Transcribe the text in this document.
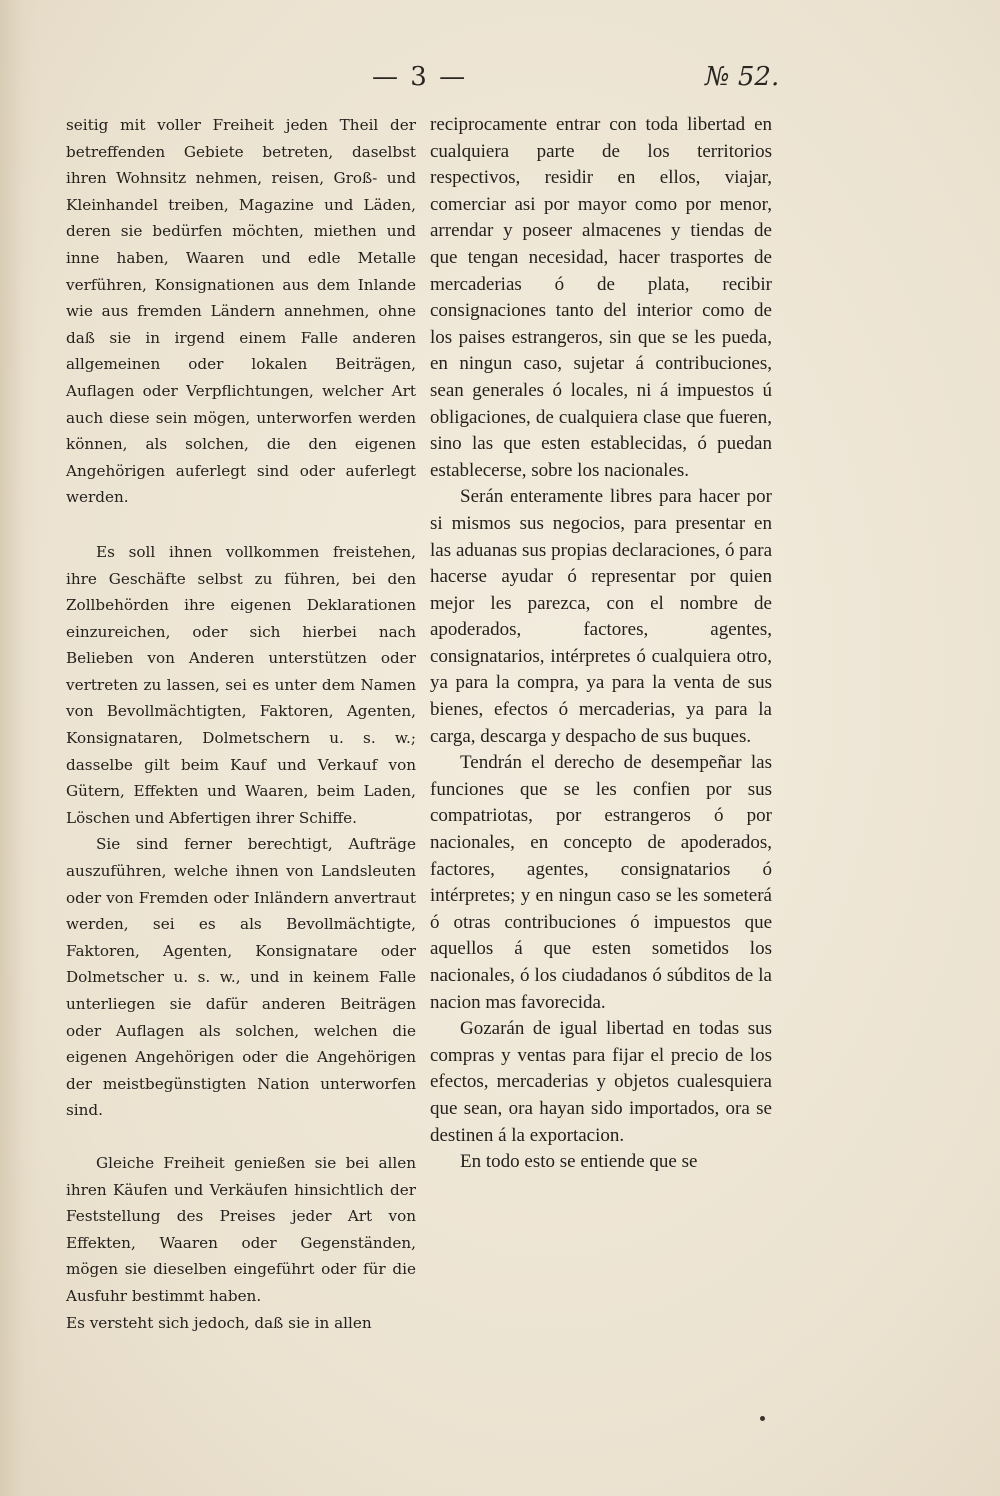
— 3 —	№ 52.

seitig mit voller Freiheit jeden Theil der betreffenden Gebiete betreten, daselbst ihren Wohnsitz nehmen, reisen, Groß- und Kleinhandel treiben, Magazine und Läden, deren sie bedürfen möchten, miethen und inne haben, Waaren und edle Metalle verführen, Konsignationen aus dem Inlande wie aus fremden Ländern annehmen, ohne daß sie in irgend einem Falle anderen allgemeinen oder lokalen Beiträgen, Auflagen oder Verpflichtungen, welcher Art auch diese sein mögen, unterworfen werden können, als solchen, die den eigenen Angehörigen auferlegt sind oder auferlegt werden.

Es soll ihnen vollkommen freistehen, ihre Geschäfte selbst zu führen, bei den Zollbehörden ihre eigenen Deklarationen einzureichen, oder sich hierbei nach Belieben von Anderen unterstützen oder vertreten zu lassen, sei es unter dem Namen von Bevollmächtigten, Faktoren, Agenten, Konsignataren, Dolmetschern u. s. w.; dasselbe gilt beim Kauf und Verkauf von Gütern, Effekten und Waaren, beim Laden, Löschen und Abfertigen ihrer Schiffe.

Sie sind ferner berechtigt, Aufträge auszuführen, welche ihnen von Landsleuten oder von Fremden oder Inländern anvertraut werden, sei es als Bevollmächtigte, Faktoren, Agenten, Konsignatare oder Dolmetscher u. s. w., und in keinem Falle unterliegen sie dafür anderen Beiträgen oder Auflagen als solchen, welchen die eigenen Angehörigen oder die Angehörigen der meistbegünstigten Nation unterworfen sind.

Gleiche Freiheit genießen sie bei allen ihren Käufen und Verkäufen hinsichtlich der Feststellung des Preises jeder Art von Effekten, Waaren oder Gegenständen, mögen sie dieselben eingeführt oder für die Ausfuhr bestimmt haben.

Es versteht sich jedoch, daß sie in allen

reciprocamente entrar con toda libertad en cualquiera parte de los territorios respectivos, residir en ellos, viajar, comerciar asi por mayor como por menor, arrendar y poseer almacenes y tiendas de que tengan necesidad, hacer trasportes de mercaderias ó de plata, recibir consignaciones tanto del interior como de los paises estrangeros, sin que se les pueda, en ningun caso, sujetar á contribuciones, sean generales ó locales, ni á impuestos ú obligaciones, de cualquiera clase que fueren, sino las que esten establecidas, ó puedan establecerse, sobre los nacionales.

Serán enteramente libres para hacer por si mismos sus negocios, para presentar en las aduanas sus propias declaraciones, ó para hacerse ayudar ó representar por quien mejor les parezca, con el nombre de apoderados, factores, agentes, consignatarios, intérpretes ó cualquiera otro, ya para la compra, ya para la venta de sus bienes, efectos ó mercaderias, ya para la carga, descarga y despacho de sus buques.

Tendrán el derecho de desempeñar las funciones que se les confien por sus compatriotas, por estrangeros ó por nacionales, en concepto de apoderados, factores, agentes, consignatarios ó intérpretes; y en ningun caso se les someterá ó otras contribuciones ó impuestos que aquellos á que esten sometidos los nacionales, ó los ciudadanos ó súbditos de la nacion mas favorecida.

Gozarán de igual libertad en todas sus compras y ventas para fijar el precio de los efectos, mercaderias y objetos cualesquiera que sean, ora hayan sido importados, ora se destinen á la exportacion.

En todo esto se entiende que se
